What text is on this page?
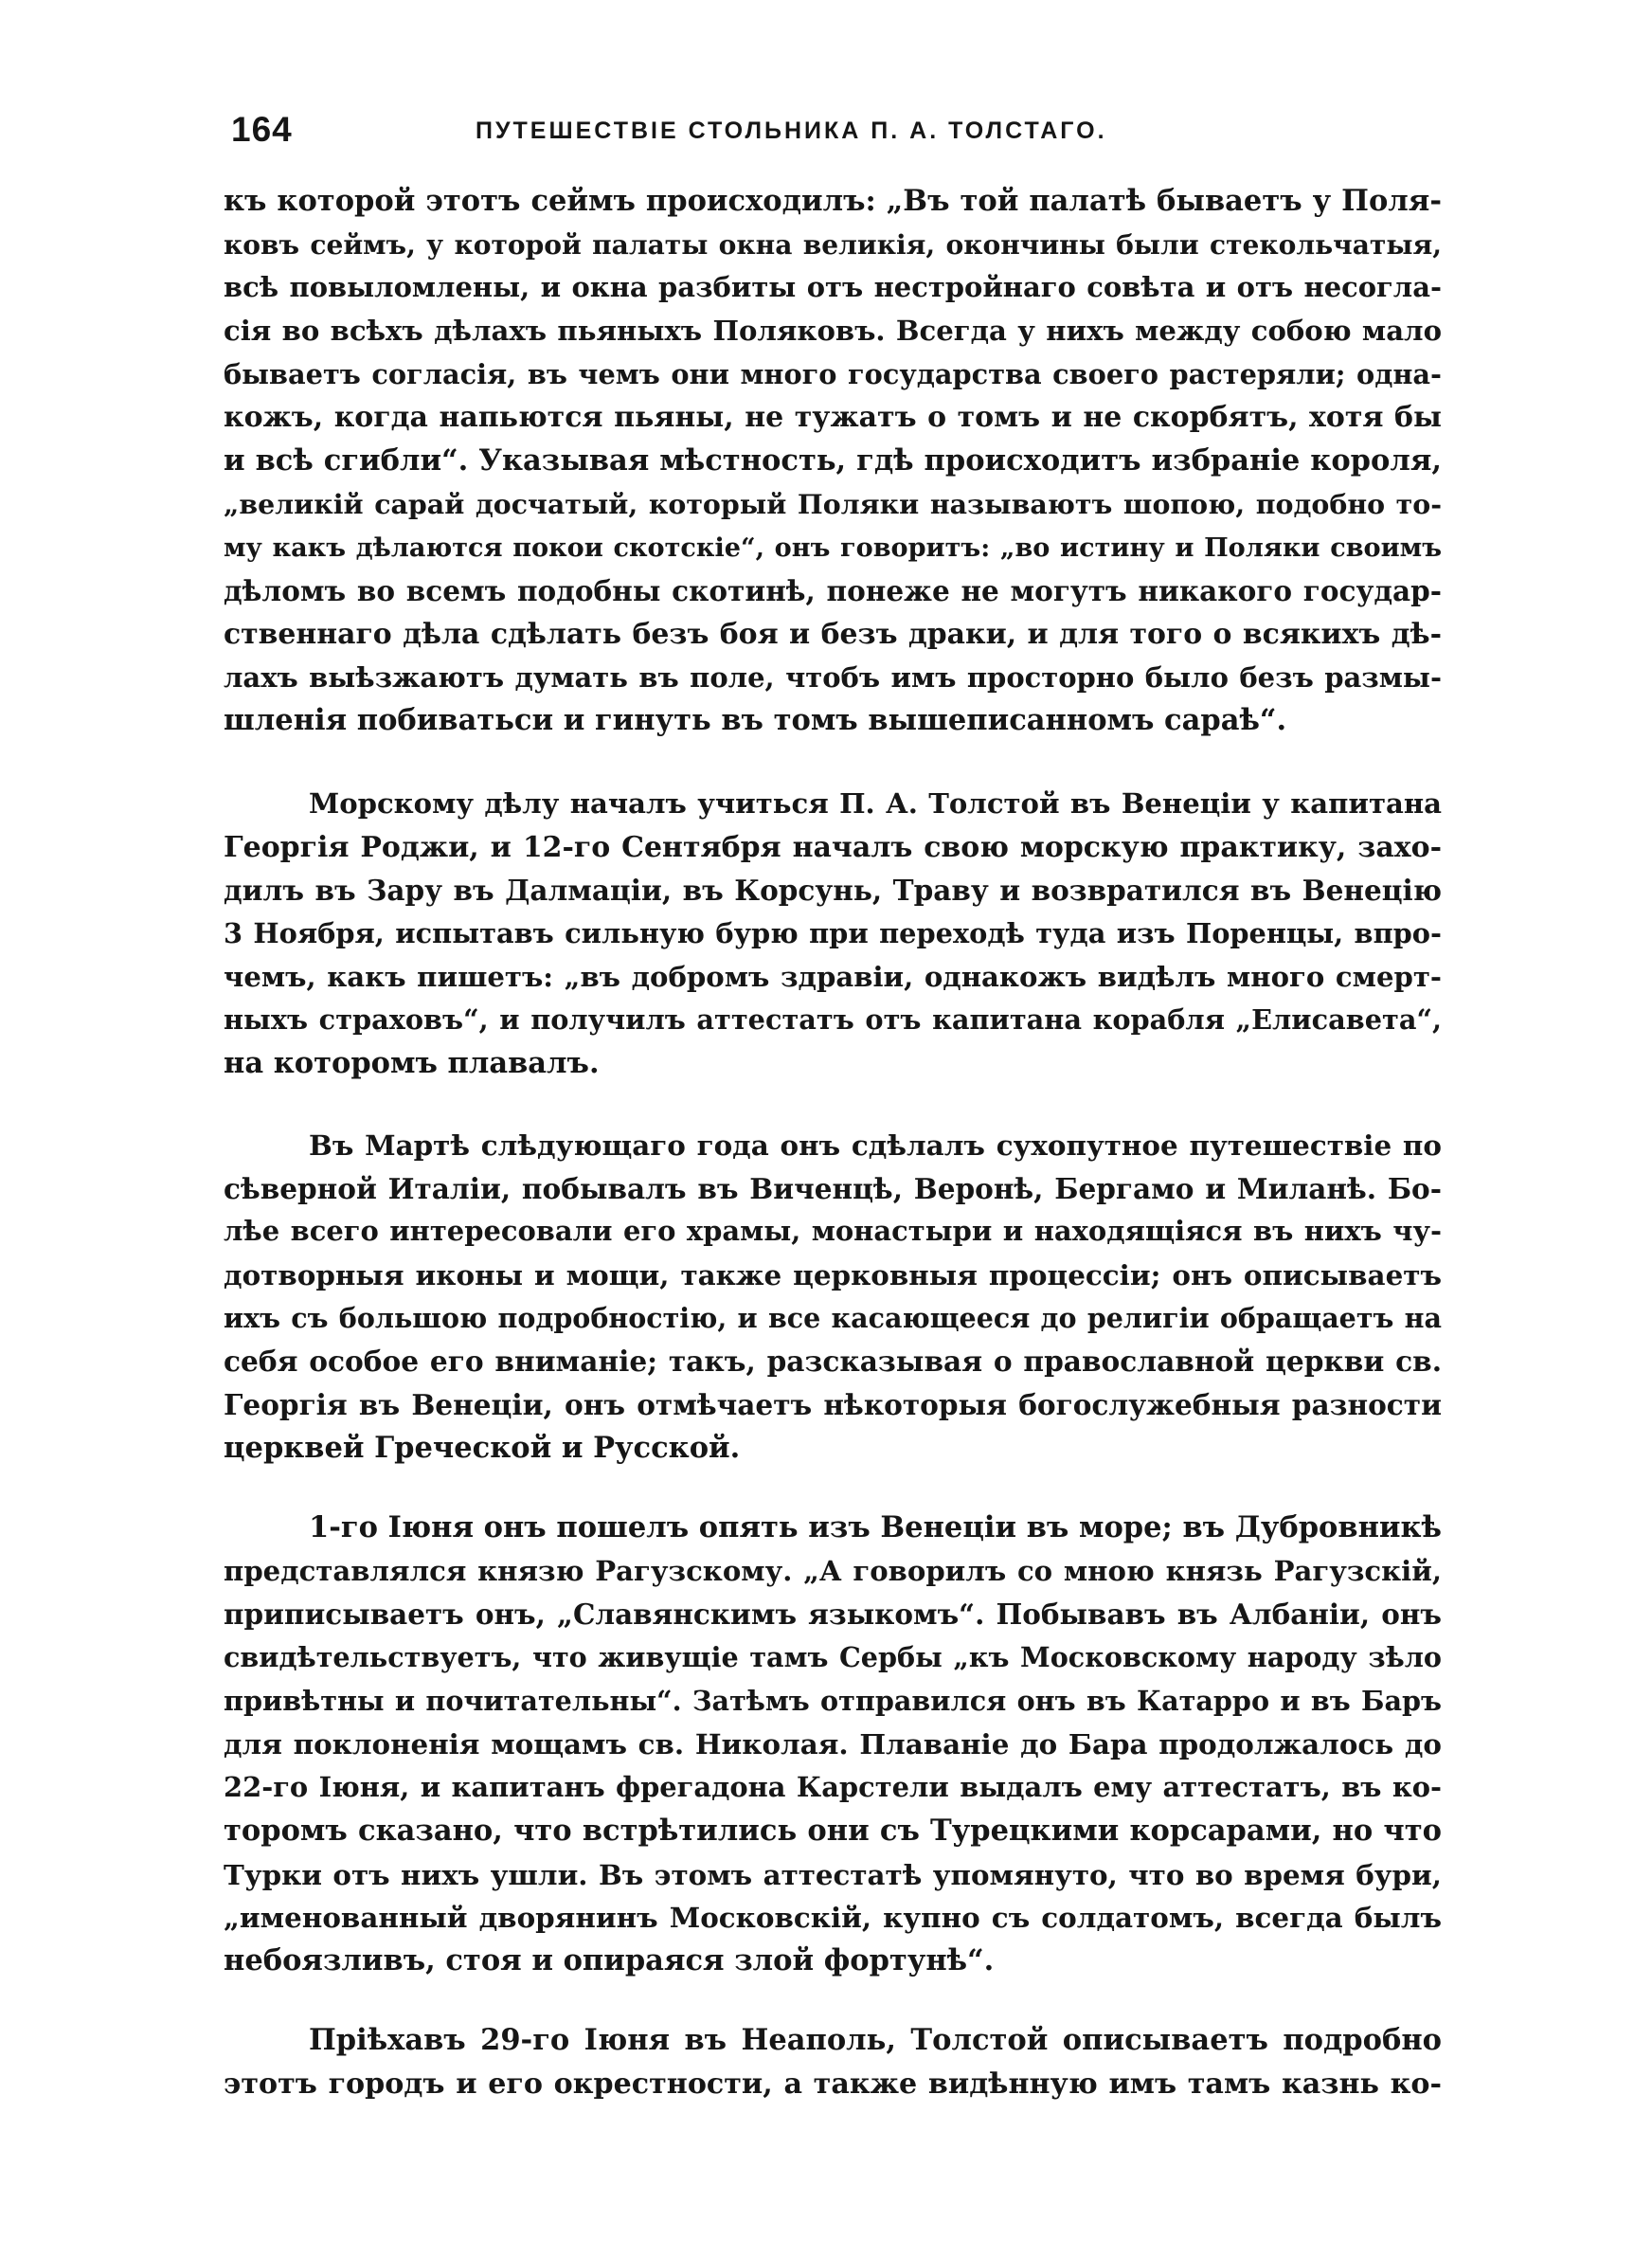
164	ПУТЕШЕСТВІЕ СТОЛЬНИКА П. А. ТОЛСТАГО.
къ которой этотъ сеймъ происходилъ: „Въ той палатѣ бываетъ у Поля-
ковъ сеймъ, у которой палаты окна великія, окончины были стекольчатыя,
всѣ повыломлены, и окна разбиты отъ нестройнаго совѣта и отъ несогла-
сія во всѣхъ дѣлахъ пьяныхъ Поляковъ. Всегда у нихъ между собою мало
бываетъ согласія, въ чемъ они много государства своего растеряли; одна-
кожъ, когда напьются пьяны, не тужатъ о томъ и не скорбятъ, хотя бы
и всѣ сгибли“. Указывая мѣстность, гдѣ происходитъ избраніе короля,
„великій сарай досчатый, который Поляки называютъ шопою, подобно то-
му какъ дѣлаются покои скотскіе“, онъ говоритъ: „во истину и Поляки своимъ
дѣломъ во всемъ подобны скотинѣ, понеже не могутъ никакого государ-
ственнаго дѣла сдѣлать безъ боя и безъ драки, и для того о всякихъ дѣ-
лахъ выѣзжаютъ думать въ поле, чтобъ имъ просторно было безъ размы-
шленія побиватьси и гинуть въ томъ вышеписанномъ сараѣ“.
Морскому дѣлу началъ учиться П. А. Толстой въ Венеціи у капитана
Георгія Роджи, и 12-го Сентября началъ свою морскую практику, захо-
дилъ въ Зару въ Далмаціи, въ Корсунь, Траву и возвратился въ Венецію
3 Ноября, испытавъ сильную бурю при переходѣ туда изъ Поренцы, впро-
чемъ, какъ пишетъ: „въ добромъ здравіи, однакожъ видѣлъ много смерт-
ныхъ страховъ“, и получилъ аттестатъ отъ капитана корабля „Елисавета“,
на которомъ плавалъ.
Въ Мартѣ слѣдующаго года онъ сдѣлалъ сухопутное путешествіе по
сѣверной Италіи, побывалъ въ Виченцѣ, Веронѣ, Бергамо и Миланѣ. Бо-
лѣе всего интересовали его храмы, монастыри и находящіяся въ нихъ чу-
дотворныя иконы и мощи, также церковныя процессіи; онъ описываетъ
ихъ съ большою подробностію, и все касающееся до религіи обращаетъ на
себя особое его вниманіе; такъ, разсказывая о православной церкви св.
Георгія въ Венеціи, онъ отмѣчаетъ нѣкоторыя богослужебныя разности
церквей Греческой и Русской.
1-го Іюня онъ пошелъ опять изъ Венеціи въ море; въ Дубровникѣ
представлялся князю Рагузскому. „А говорилъ со мною князь Рагузскій,
приписываетъ онъ, „Славянскимъ языкомъ“. Побывавъ въ Албаніи, онъ
свидѣтельствуетъ, что живущіе тамъ Сербы „къ Московскому народу зѣло
привѣтны и почитательны“. Затѣмъ отправился онъ въ Катарро и въ Баръ
для поклоненія мощамъ св. Николая. Плаваніе до Бара продолжалось до
22-го Іюня, и капитанъ фрегадона Карстели выдалъ ему аттестатъ, въ ко-
торомъ сказано, что встрѣтились они съ Турецкими корсарами, но что
Турки отъ нихъ ушли. Въ этомъ аттестатѣ упомянуто, что во время бури,
„именованный дворянинъ Московскій, купно съ солдатомъ, всегда былъ
небоязливъ, стоя и опираяся злой фортунѣ“.
Пріѣхавъ 29-го Іюня въ Неаполь, Толстой описываетъ подробно
этотъ городъ и его окрестности, а также видѣнную имъ тамъ казнь ко-
